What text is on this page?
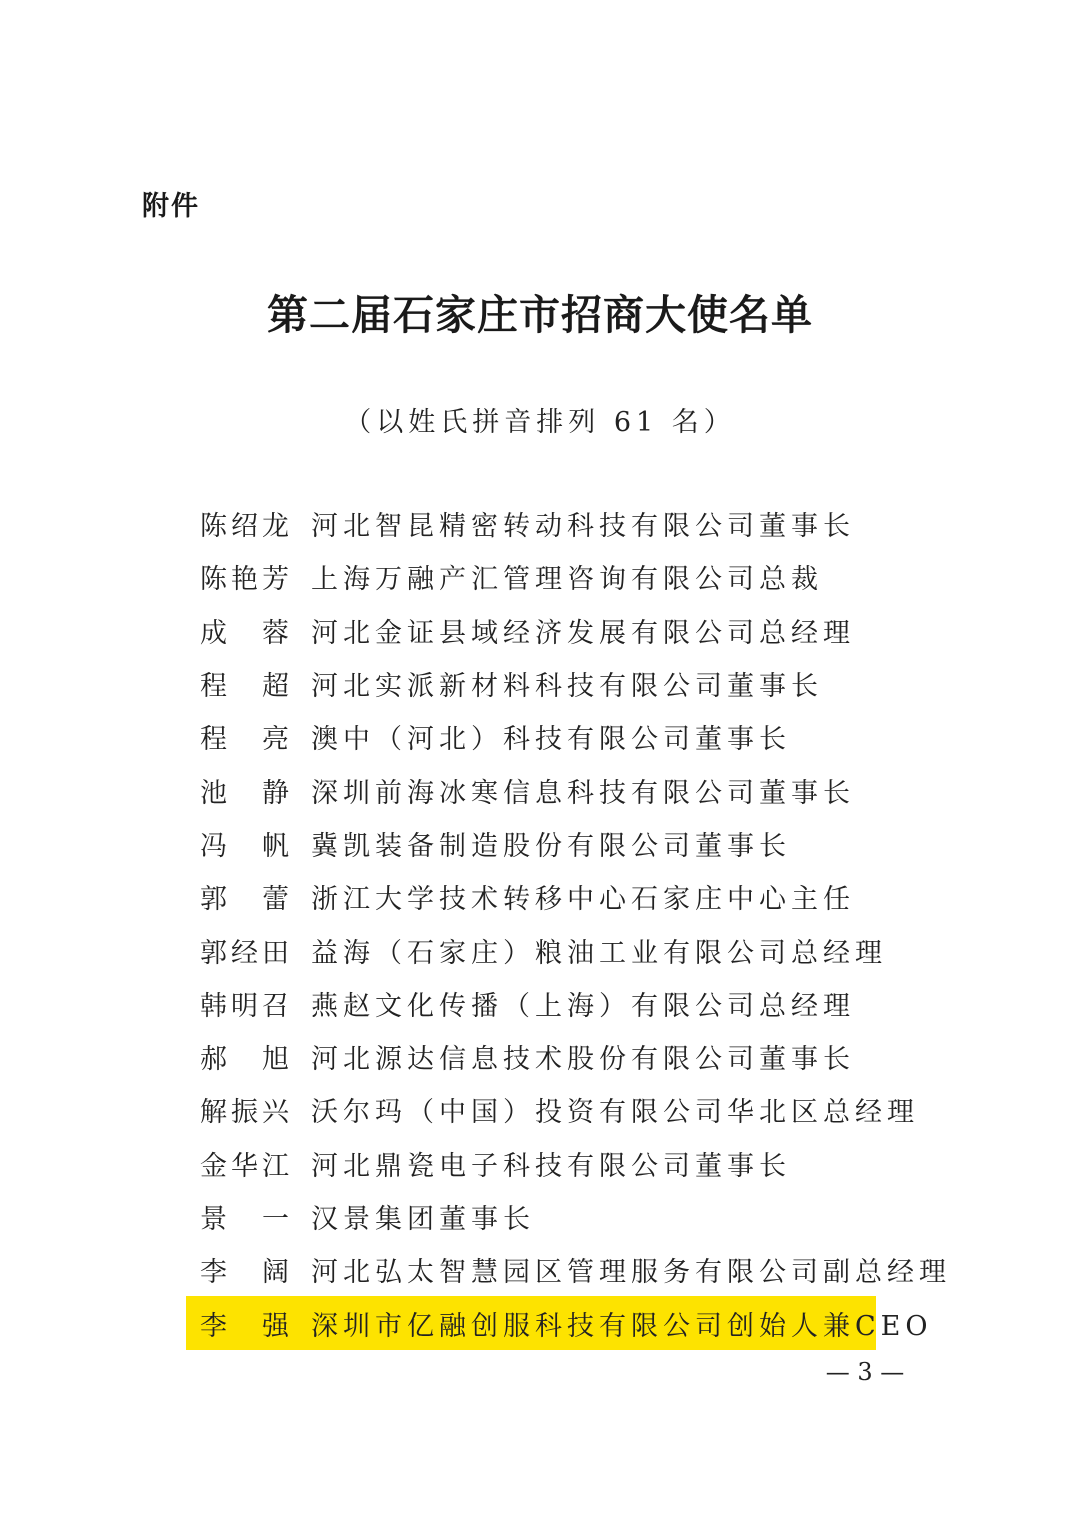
附件
第二届石家庄市招商大使名单
（以姓氏拼音排列 61 名）
陈绍龙 河北智昆精密转动科技有限公司董事长
陈艳芳 上海万融产汇管理咨询有限公司总裁
成　蓉 河北金证县域经济发展有限公司总经理
程　超 河北实派新材料科技有限公司董事长
程　亮 澳中（河北）科技有限公司董事长
池　静 深圳前海冰寒信息科技有限公司董事长
冯　帆 冀凯装备制造股份有限公司董事长
郭　蕾 浙江大学技术转移中心石家庄中心主任
郭经田 益海（石家庄）粮油工业有限公司总经理
韩明召 燕赵文化传播（上海）有限公司总经理
郝　旭 河北源达信息技术股份有限公司董事长
解振兴 沃尔玛（中国）投资有限公司华北区总经理
金华江 河北鼎瓷电子科技有限公司董事长
景　一 汉景集团董事长
李　阔 河北弘太智慧园区管理服务有限公司副总经理
李　强 深圳市亿融创服科技有限公司创始人兼CEO
— 3 —
